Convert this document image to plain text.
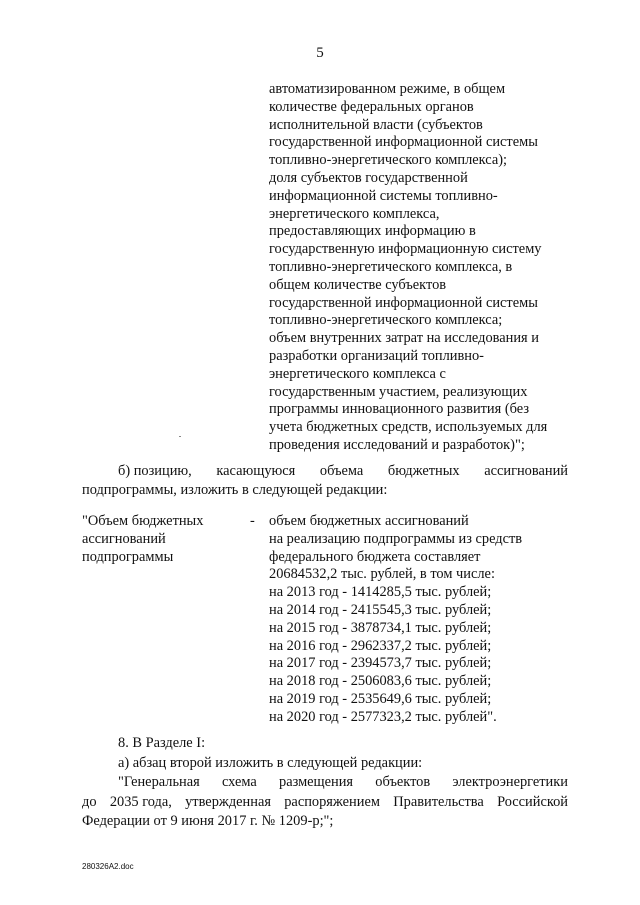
5
автоматизированном режиме, в общем
количестве федеральных органов
исполнительной власти (субъектов
государственной информационной системы
топливно-энергетического комплекса);
доля субъектов государственной
информационной системы топливно-
энергетического комплекса,
предоставляющих информацию в
государственную информационную систему
топливно-энергетического комплекса, в
общем количестве субъектов
государственной информационной системы
топливно-энергетического комплекса;
объем внутренних затрат на исследования и
разработки организаций топливно-
энергетического комплекса с
государственным участием, реализующих
программы инновационного развития (без
учета бюджетных средств, используемых для
проведения исследований и разработок)";
б) позицию, касающуюся объема бюджетных ассигнований
подпрограммы, изложить в следующей редакции:
"Объем бюджетных
ассигнований
подпрограммы
- объем бюджетных ассигнований
на реализацию подпрограммы из средств
федерального бюджета составляет
20684532,2 тыс. рублей, в том числе:
на 2013 год - 1414285,5 тыс. рублей;
на 2014 год - 2415545,3 тыс. рублей;
на 2015 год - 3878734,1 тыс. рублей;
на 2016 год - 2962337,2 тыс. рублей;
на 2017 год - 2394573,7 тыс. рублей;
на 2018 год - 2506083,6 тыс. рублей;
на 2019 год - 2535649,6 тыс. рублей;
на 2020 год - 2577323,2 тыс. рублей".
8. В Разделе I:
а) абзац второй изложить в следующей редакции:
"Генеральная схема размещения объектов электроэнергетики
до 2035 года, утвержденная распоряжением Правительства Российской
Федерации от 9 июня 2017 г. № 1209-р;";
280326A2.doc
